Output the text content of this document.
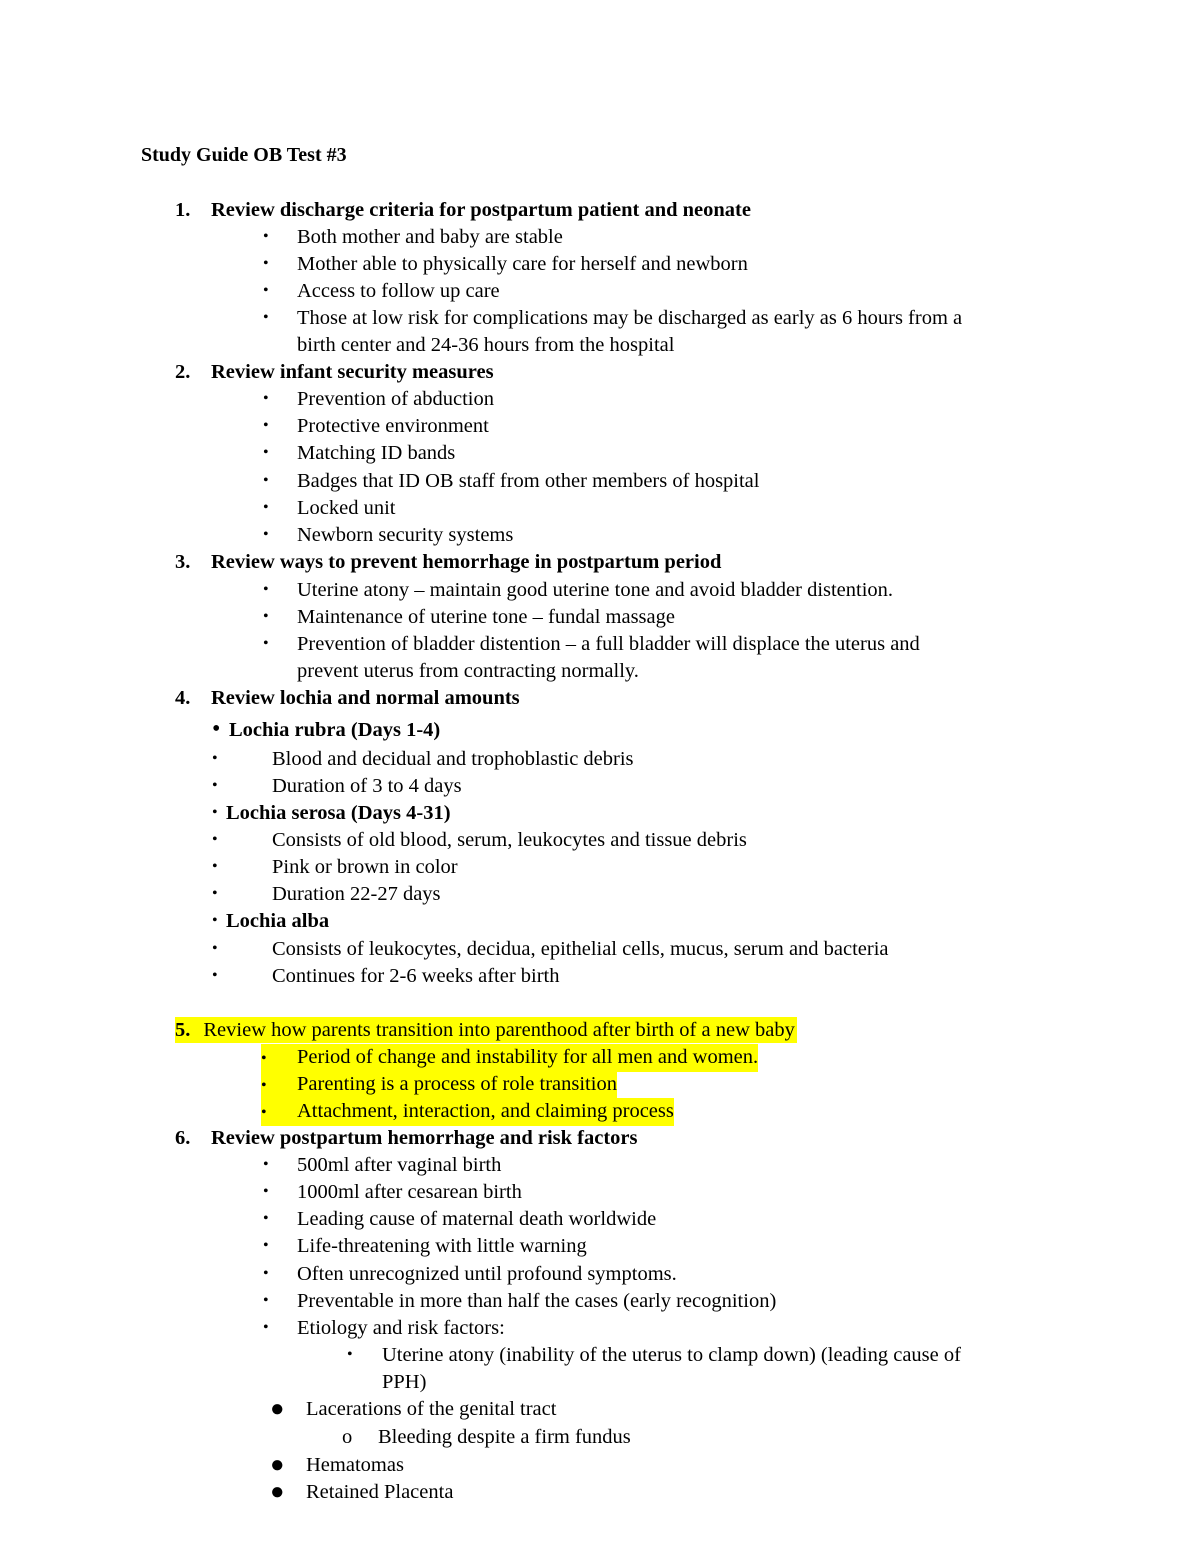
Study Guide OB Test #3
1. Review discharge criteria for postpartum patient and neonate
• Both mother and baby are stable
• Mother able to physically care for herself and newborn
• Access to follow up care
• Those at low risk for complications may be discharged as early as 6 hours from a
birth center and 24-36 hours from the hospital
2. Review infant security measures
• Prevention of abduction
• Protective environment
• Matching ID bands
• Badges that ID OB staff from other members of hospital
• Locked unit
• Newborn security systems
3. Review ways to prevent hemorrhage in postpartum period
• Uterine atony – maintain good uterine tone and avoid bladder distention.
• Maintenance of uterine tone – fundal massage
• Prevention of bladder distention – a full bladder will displace the uterus and
prevent uterus from contracting normally.
4. Review lochia and normal amounts
• Lochia rubra (Days 1-4)
•	Blood and decidual and trophoblastic debris
•	Duration of 3 to 4 days
• Lochia serosa (Days 4-31)
•	Consists of old blood, serum, leukocytes and tissue debris
•	Pink or brown in color
•	Duration 22-27 days
• Lochia alba
•	Consists of leukocytes, decidua, epithelial cells, mucus, serum and bacteria
•	Continues for 2-6 weeks after birth
5. Review how parents transition into parenthood after birth of a new baby
• Period of change and instability for all men and women.
• Parenting is a process of role transition
• Attachment, interaction, and claiming process
6. Review postpartum hemorrhage and risk factors
• 500ml after vaginal birth
• 1000ml after cesarean birth
• Leading cause of maternal death worldwide
• Life-threatening with little warning
• Often unrecognized until profound symptoms.
• Preventable in more than half the cases (early recognition)
• Etiology and risk factors:
• Uterine atony (inability of the uterus to clamp down) (leading cause of
PPH)
● Lacerations of the genital tract
o Bleeding despite a firm fundus
● Hematomas
● Retained Placenta
